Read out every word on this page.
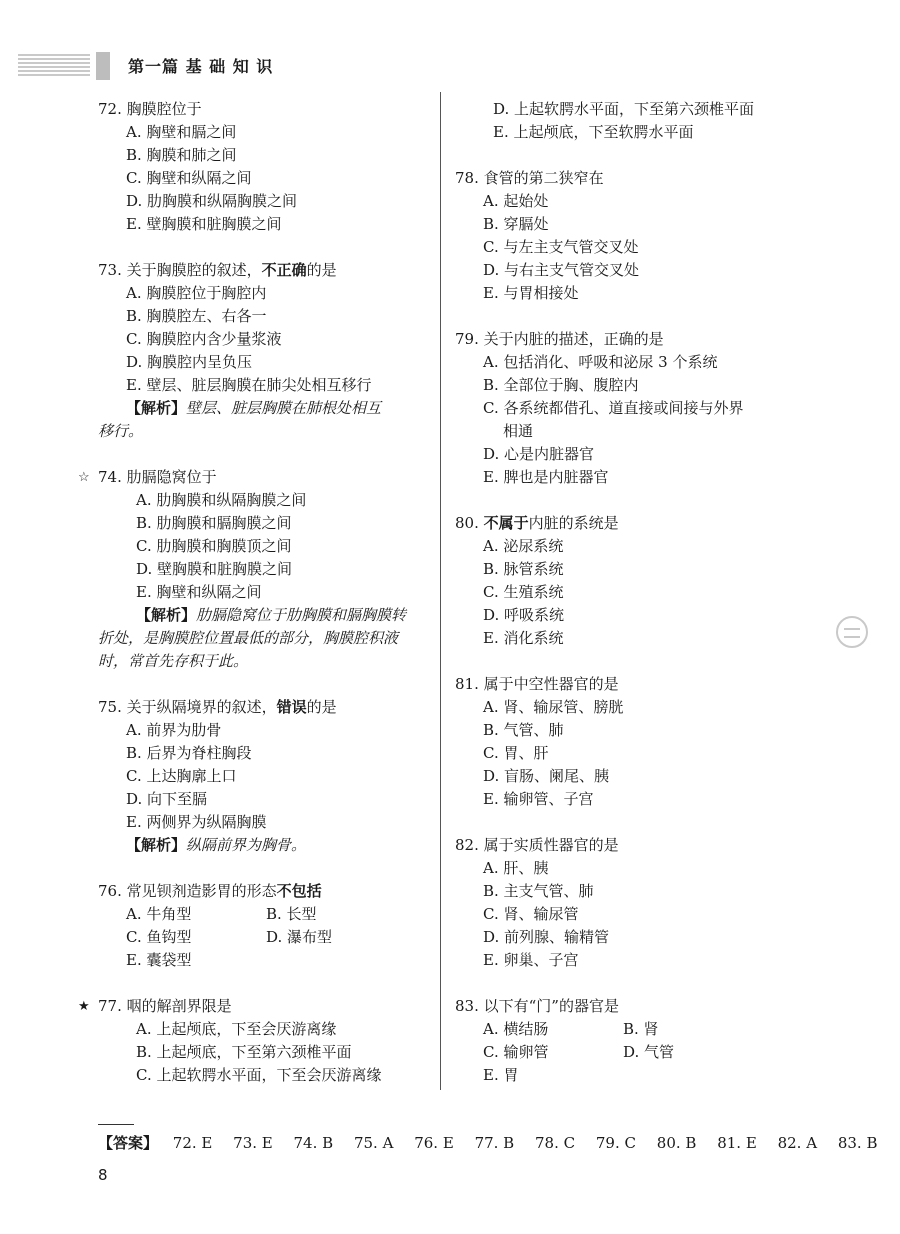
第一篇 基 础 知 识
72. 胸膜腔位于
A. 胸壁和膈之间
B. 胸膜和肺之间
C. 胸壁和纵隔之间
D. 肋胸膜和纵隔胸膜之间
E. 壁胸膜和脏胸膜之间
73. 关于胸膜腔的叙述，不正确的是
A. 胸膜腔位于胸腔内
B. 胸膜腔左、右各一
C. 胸膜腔内含少量浆液
D. 胸膜腔内呈负压
E. 壁层、脏层胸膜在肺尖处相互移行
【解析】壁层、脏层胸膜在肺根处相互
移行。
☆ 74. 肋膈隐窝位于
A. 肋胸膜和纵隔胸膜之间
B. 肋胸膜和膈胸膜之间
C. 肋胸膜和胸膜顶之间
D. 壁胸膜和脏胸膜之间
E. 胸壁和纵隔之间
【解析】肋膈隐窝位于肋胸膜和膈胸膜转
折处，是胸膜腔位置最低的部分，胸膜腔积液
时，常首先存积于此。
75. 关于纵隔境界的叙述，错误的是
A. 前界为肋骨
B. 后界为脊柱胸段
C. 上达胸廓上口
D. 向下至膈
E. 两侧界为纵隔胸膜
【解析】纵隔前界为胸骨。
76. 常见钡剂造影胃的形态不包括
A. 牛角型	B. 长型
C. 鱼钩型	D. 瀑布型
E. 囊袋型
★ 77. 咽的解剖界限是
A. 上起颅底，下至会厌游离缘
B. 上起颅底，下至第六颈椎平面
C. 上起软腭水平面，下至会厌游离缘
D. 上起软腭水平面，下至第六颈椎平面
E. 上起颅底，下至软腭水平面
78. 食管的第二狭窄在
A. 起始处
B. 穿膈处
C. 与左主支气管交叉处
D. 与右主支气管交叉处
E. 与胃相接处
79. 关于内脏的描述，正确的是
A. 包括消化、呼吸和泌尿 3 个系统
B. 全部位于胸、腹腔内
C. 各系统都借孔、道直接或间接与外界
相通
D. 心是内脏器官
E. 脾也是内脏器官
80. 不属于内脏的系统是
A. 泌尿系统
B. 脉管系统
C. 生殖系统
D. 呼吸系统
E. 消化系统
81. 属于中空性器官的是
A. 肾、输尿管、膀胱
B. 气管、肺
C. 胃、肝
D. 盲肠、阑尾、胰
E. 输卵管、子宫
82. 属于实质性器官的是
A. 肝、胰
B. 主支气管、肺
C. 肾、输尿管
D. 前列腺、输精管
E. 卵巢、子宫
83. 以下有“门”的器官是
A. 横结肠	B. 肾
C. 输卵管	D. 气管
E. 胃
【答案】 72. E 73. E 74. B 75. A 76. E 77. B 78. C 79. C 80. B 81. E 82. A 83. B
8
